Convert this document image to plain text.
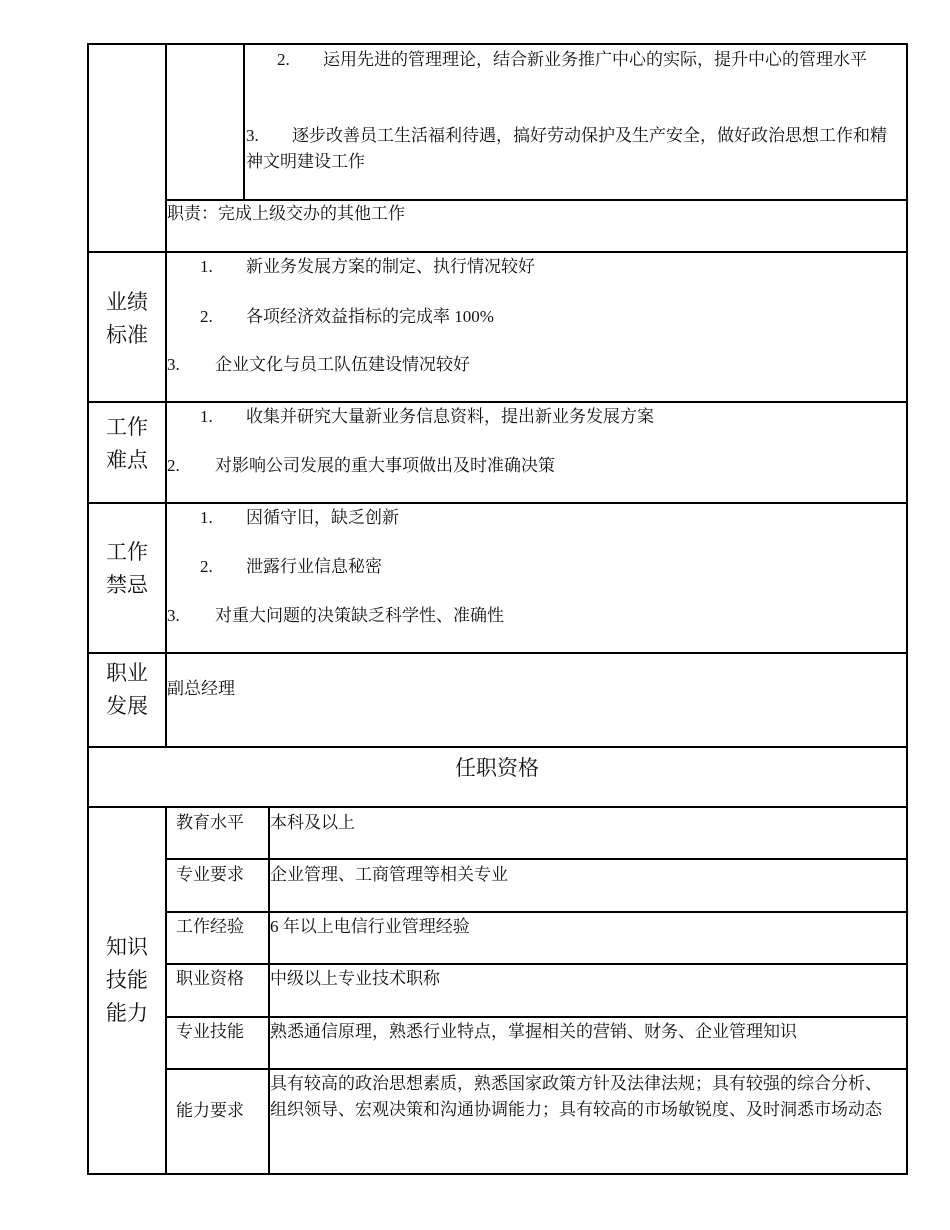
2. 运用先进的管理理论，结合新业务推广中心的实际，提升中心的管理水平
3. 逐步改善员工生活福利待遇，搞好劳动保护及生产安全，做好政治思想工作和精神文明建设工作
职责：完成上级交办的其他工作
业绩标准
1. 新业务发展方案的制定、执行情况较好
2. 各项经济效益指标的完成率 100%
3. 企业文化与员工队伍建设情况较好
工作难点
1. 收集并研究大量新业务信息资料，提出新业务发展方案
2. 对影响公司发展的重大事项做出及时准确决策
工作禁忌
1. 因循守旧，缺乏创新
2. 泄露行业信息秘密
3. 对重大问题的决策缺乏科学性、准确性
职业发展
副总经理
任职资格
知识技能能力
教育水平 本科及以上
专业要求 企业管理、工商管理等相关专业
工作经验 6 年以上电信行业管理经验
职业资格 中级以上专业技术职称
专业技能 熟悉通信原理，熟悉行业特点，掌握相关的营销、财务、企业管理知识
能力要求
具有较高的政治思想素质，熟悉国家政策方针及法律法规；具有较强的综合分析、组织领导、宏观决策和沟通协调能力；具有较高的市场敏锐度、及时洞悉市场动态
